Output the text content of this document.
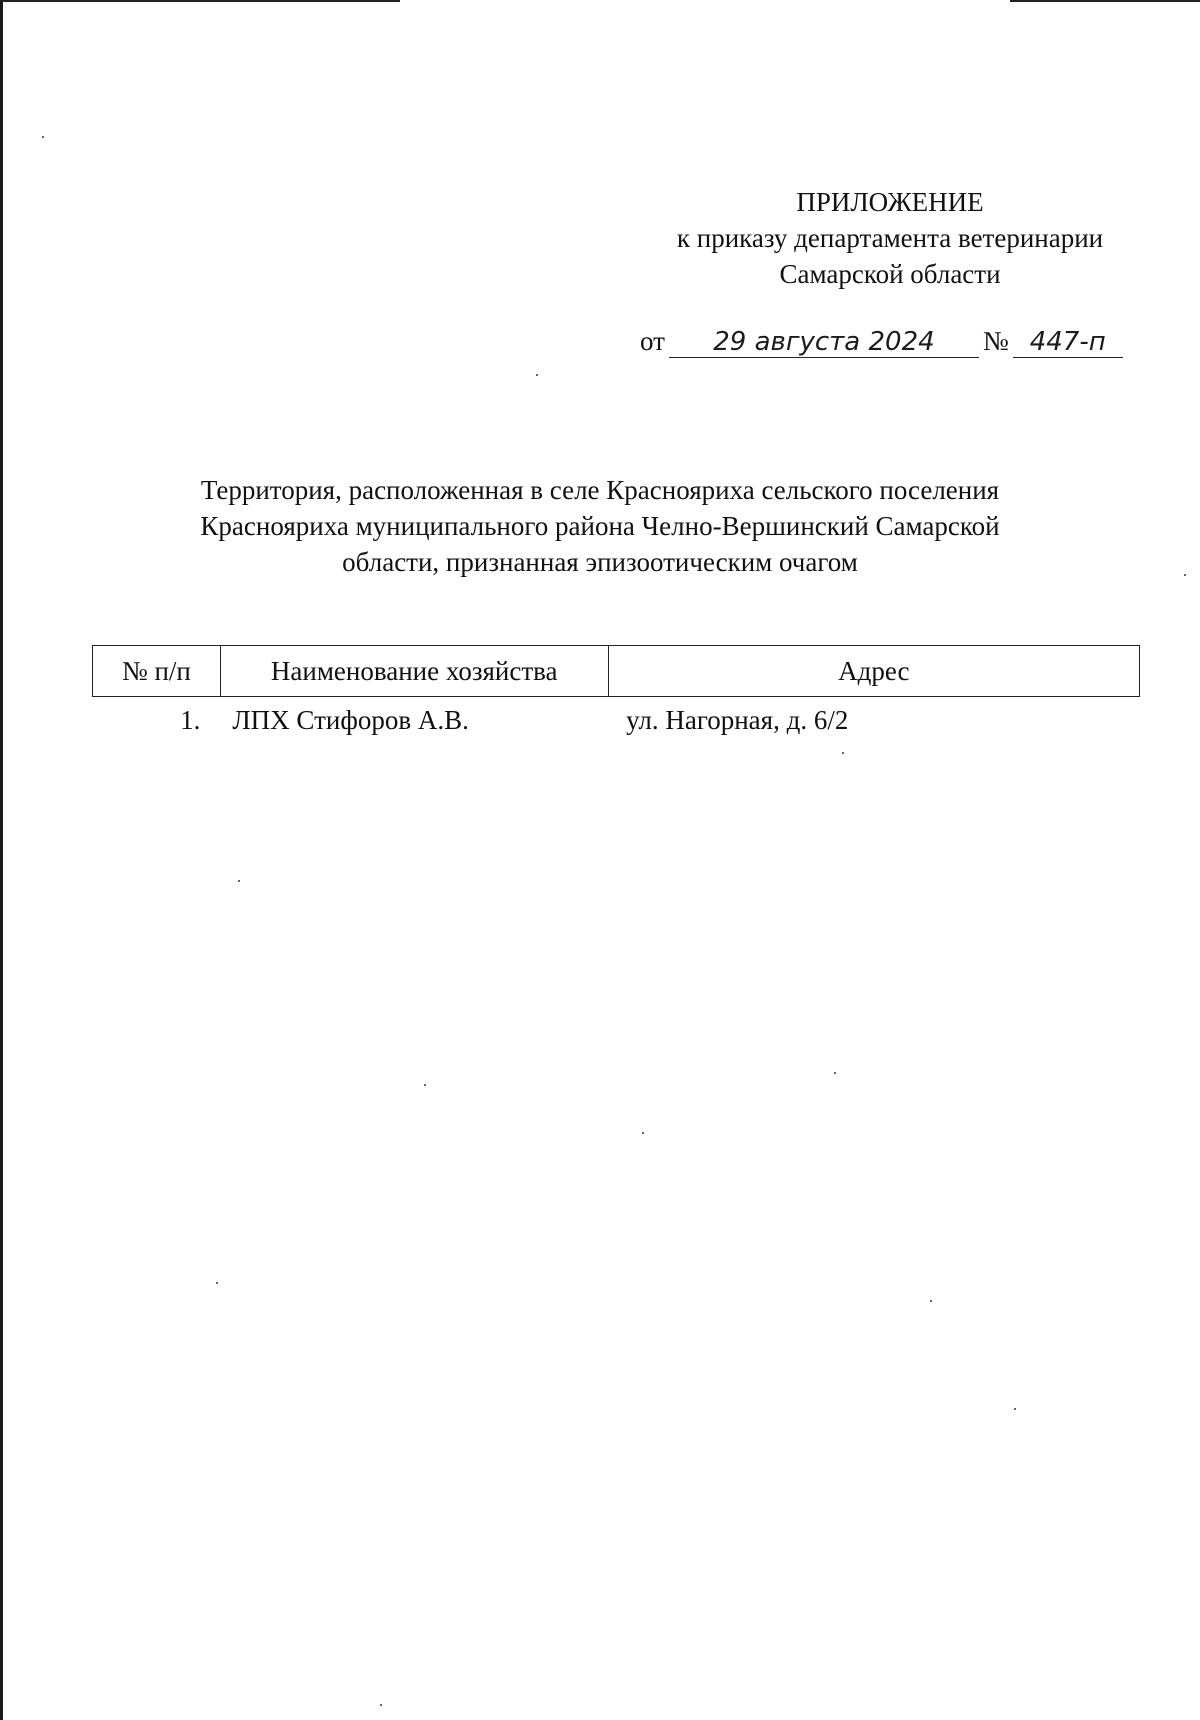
ПРИЛОЖЕНИЕ
к приказу департамента ветеринарии
Самарской области
от 29 августа 2024 № 447-п
Территория, расположенная в селе Краснояриха сельского поселения
Краснояриха муниципального района Челно-Вершинский Самарской
области, признанная эпизоотическим очагом
№ п/п	Наименование хозяйства	Адрес
1.	ЛПХ Стифоров А.В.	ул. Нагорная, д. 6/2
